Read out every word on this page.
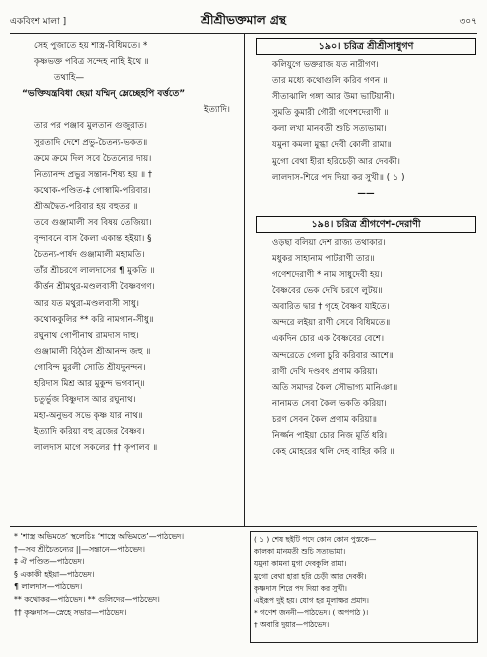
একবিংশ মালা ]	শ্রীশ্রীভক্তমাল গ্রন্থ	৩০৭
সেহ পুজাতে হয় শাস্ত্র-বিধিমতে। *
কৃষ্ণভক্ত পবিত্র সন্দেহ নাহি ইথে ॥
তথাহি—
“ভক্তিযন্ত্রবিধা ছেয়া যম্মিন্ ম্লেচ্ছেহপি বর্ত্ততে”
ইত্যাদি।
তার পর পঞ্জাব মুলতান গুজুরাত।
সুরতাদি দেশে প্রভু-চৈতন্য-ভকত॥
ক্রমে ক্রমে দিল সবে চৈতন্যের দায়।
নিত্যানন্দ প্রভুর সন্তান-শিষ্য হয় ॥ †
কথোক-পণ্ডিত-‡ গোস্বামি-পরিবার।
শ্রীঅদ্বৈত-পরিবার হয় বহুতর ॥
তবে গুঞ্জামালী সব বিষয় তেজিয়া।
বৃন্দাবনে বাস কৈলা একান্ত হইয়া। §
চৈতন্য-পার্ষদ গুঞ্জামালী মহামতি।
তাঁর শ্রীচরণে লালদাসের ¶ মুকতি ॥
কীর্ত্তন শ্রীমথুর-মণ্ডলবাসী বৈষ্ণবগণ।
আর যত মথুরা-মণ্ডলবাসী সাধু।
কথোককুলির ** করি নামগান-সীধু॥
রঘুনাথ গোপীনাথ রামদাস দাহু।
গুঞ্জামালী বিঠ্ঠল শ্রীআনন্দ জহু ॥
গোবিন্দ মুরলী সোতি শ্রীযদুনন্দন।
হরিদাস মিশ্র আর মুকুন্দ ভগবান্॥
চতুর্ভুজ বিষ্ণুদাস আর রঘুনাথ।
মহা-অনুভব সভে কৃষ্ণ যার নাথ॥
ইত্যাদি করিয়া বহু ব্রজের বৈষ্ণব।
লালদাস মাগে সকলের †† কৃপালব ॥
১৯০। চরিত্র শ্রীশ্রীসাধুগণ
কলিযুগে ভক্তরাজ যত নারীগণ।
তার মধ্যে কথোগুলি করিব গণন ॥
সীতাঝালি গঙ্গা আর উমা ভাটিয়ানী।
সুমতি কুমারী গৌরী গণেশদেরাণী ॥
কলা লখা মানবতী শুচি সত্যভামা।
যমুনা কমলা মুগ্ধা দেবী কোলী রামা॥
মুগো বেথা হীরা হরিচেড়ী আর দেবকী।
লালদাস-শিরে পদ দিয়া কর সুখী॥ ( ১ )
——
১৯৪। চরিত্র শ্রীগণেশ-দেরাণী
ওড়ছা বলিয়া দেশ রাজ্য তথাকার।
মধুকর সাহানাম পাটরাণী তার॥
গণেশদেরাণী * নাম সাধুদেবী হয়।
বৈষ্ণবের ভেক দেখি চরণে লুটয়॥
অবারিত দ্বার † গৃহে বৈষ্ণব যাইতে।
অন্দরে লইয়া রাণী সেবে বিধিমতে॥
একদিন চোর এক বৈষ্ণবের বেশে।
অন্দরেতে গেলা চুরি করিবার আশে॥
রাণী দেখি দণ্ডবৎ প্রণাম করিয়া।
অতি সমাদর কৈল সৌভাগ্য মানিঞা॥
নানামত সেবা কৈল ভকতি করিয়া।
চরণ সেবন কৈল প্রণাম করিয়া॥
নির্জ্জন পাইয়া চোর নিজ মূর্তি ধরি।
কেহ মোহরের থলি দেহ বাহির করি ॥
* ‘শাস্ত্র অভিমতে’ স্থলেচিঃ ‘শাস্ত্রে অভিমতে’—পাঠভেদ।
†—সব শ্রীচৈতন্যের ||—সন্তানে—পাঠভেদ।
‡ ঐ পণ্ডিত—পাঠভেদ।
§ একাকী হইয়া—পাঠভেদ।
¶ লালদাস—পাঠভেদ।
** কথোকর—পাঠভেদ। ** গুলিদের—পাঠভেদ।
†† কৃষ্ণদাস—স্নেহে সভার—পাঠভেদ।
( ১ ) শেষ ছইটি পদে কোন কোন পুস্তকে—
কালকা মানমতী শুচি সত্যভামা।
যমুনা কামনা মুগা দেবকুলি রামা।
মুগো বেথা হারা হরি চেড়ী আর দেবকী।
কৃষ্ণদাস শিরে পদ দিয়া কর সুখী।
এইরূপ দুই হয়। যোগ হর মূলাক্ষর প্রমাদ।
* গণেশ জননী—পাঠভেদ। ( অপপাঠ )।
† অবারি দুয়ার—পাঠভেদ।
